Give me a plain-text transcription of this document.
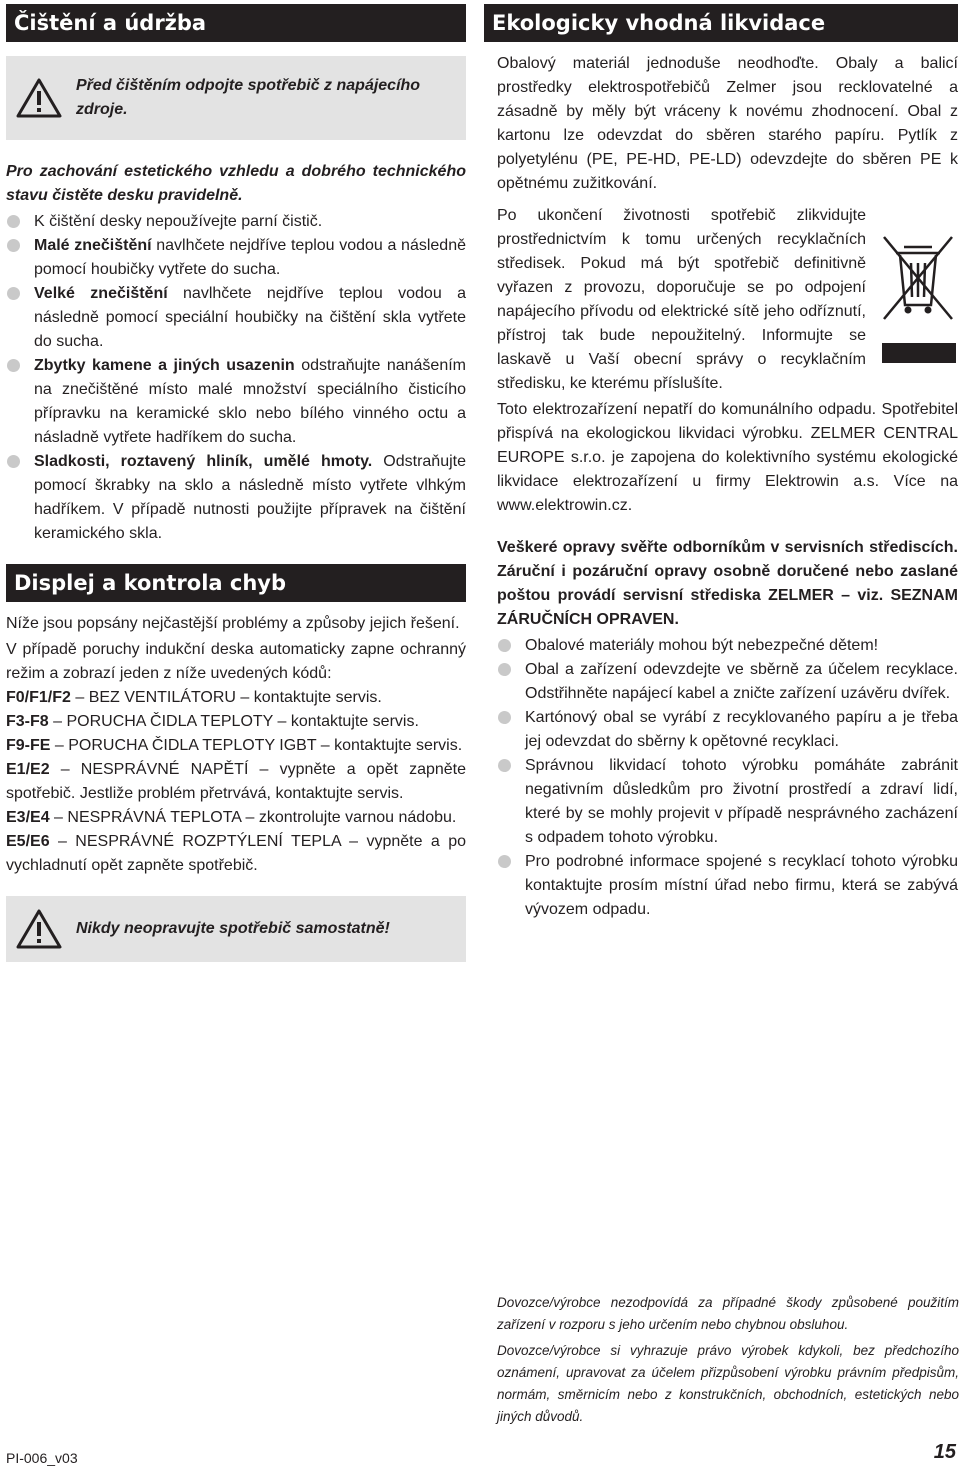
Čištění a údržba
Před čištěním odpojte spotřebič z napájecího zdroje.

Pro zachování estetického vzhledu a dobrého technického stavu čistěte desku pravidelně.

K čištění desky nepoužívejte parní čistič.
Malé znečištění navlhčete nejdříve teplou vodou a následně pomocí houbičky vytřete do sucha.
Velké znečištění navlhčete nejdříve teplou vodou a následně pomocí speciální houbičky na čištění skla vytřete do sucha.
Zbytky kamene a jiných usazenin odstraňujte nanášením na znečištěné místo malé množství speciálního čisticího přípravku na keramické sklo nebo bílého vinného octu a násladně vytřete hadříkem do sucha.
Sladkosti, roztavený hliník, umělé hmoty. Odstraňujte pomocí škrabky na sklo a následně místo vytřete vlhkým hadříkem. V případě nutnosti použijte přípravek na čištění keramického skla.
Displej a kontrola chyb

Níže jsou popsány nejčastější problémy a způsoby jejich řešení.

V případě poruchy indukční deska automaticky zapne ochranný režim a zobrazí jeden z níže uvedených kódů:

F0/F1/F2 – BEZ VENTILÁTORU – kontaktujte servis.

F3-F8 – PORUCHA ČIDLA TEPLOTY – kontaktujte servis.

F9-FE – PORUCHA ČIDLA TEPLOTY IGBT – kontaktujte servis.

E1/E2 – NESPRÁVNÉ NAPĚTÍ – vypněte a opět zapněte spotřebič. Jestliže problém přetrvává, kontaktujte servis.

E3/E4 – NESPRÁVNÁ TEPLOTA – zkontrolujte varnou nádobu.

E5/E6 – NESPRÁVNÉ ROZPTÝLENÍ TEPLA – vypněte a po vychladnutí opět zapněte spotřebič.

Nikdy neopravujte spotřebič samostatně!
Ekologicky vhodná likvidace

Obalový materiál jednoduše neodhoďte. Obaly a balicí prostředky elektrospotřebičů Zelmer jsou recklovatelné a zásadně by měly být vráceny k novému zhodnocení. Obal z kartonu lze odevzdat do sběren starého papíru. Pytlík z polyetylénu (PE, PE-HD, PE-LD) odevzdejte do sběren PE k opětnému zužitkování.

Po ukončení životnosti spotřebič zlikvidujte prostřednictvím k tomu určených recyklačních středisek. Pokud má být spotřebič definitivně vyřazen z provozu, doporučuje se po odpojení napájecího přívodu od elektrické sítě jeho odříznutí, přístroj tak bude nepoužitelný. Informujte se laskavě u Vaší obecní správy o recyklačním středisku, ke kterému příslušíte.

Toto elektrozařízení nepatří do komunálního odpadu. Spotřebitel přispívá na ekologickou likvidaci výrobku. ZELMER CENTRAL EUROPE s.r.o. je zapojena do kolektivního systému ekologické likvidace elektrozařízení u firmy Elektrowin a.s. Více na www.elektrowin.cz.

Veškeré opravy svěřte odborníkům v servisních střediscích. Záruční i pozáruční opravy osobně doručené nebo zaslané poštou provádí servisní střediska ZELMER – viz. SEZNAM ZÁRUČNÍCH OPRAVEN.

Obalové materiály mohou být nebezpečné dětem!
Obal a zařízení odevzdejte ve sběrně za účelem recyklace. Odstřihněte napájecí kabel a zničte zařízení uzávěru dvířek.
Kartónový obal se vyrábí z recyklovaného papíru a je třeba jej odevzdat do sběrny k opětovné recyklaci.
Správnou likvidací tohoto výrobku pomáháte zabránit negativním důsledkům pro životní prostředí a zdraví lidí, které by se mohly projevit v případě nesprávného zacházení s odpadem tohoto výrobku.
Pro podrobné informace spojené s recyklací tohoto výrobku kontaktujte prosím místní úřad nebo firmu, která se zabývá vývozem odpadu.

Dovozce/výrobce nezodpovídá za případné škody způsobené použitím zařízení v rozporu s jeho určením nebo chybnou obsluhou.

Dovozce/výrobce si vyhrazuje právo výrobek kdykoli, bez předchozího oznámení, upravovat za účelem přizpůsobení výrobku právním předpisům, normám, směrnicím nebo z konstrukčních, obchodních, estetických nebo jiných důvodů.

PI-006_v03	15
